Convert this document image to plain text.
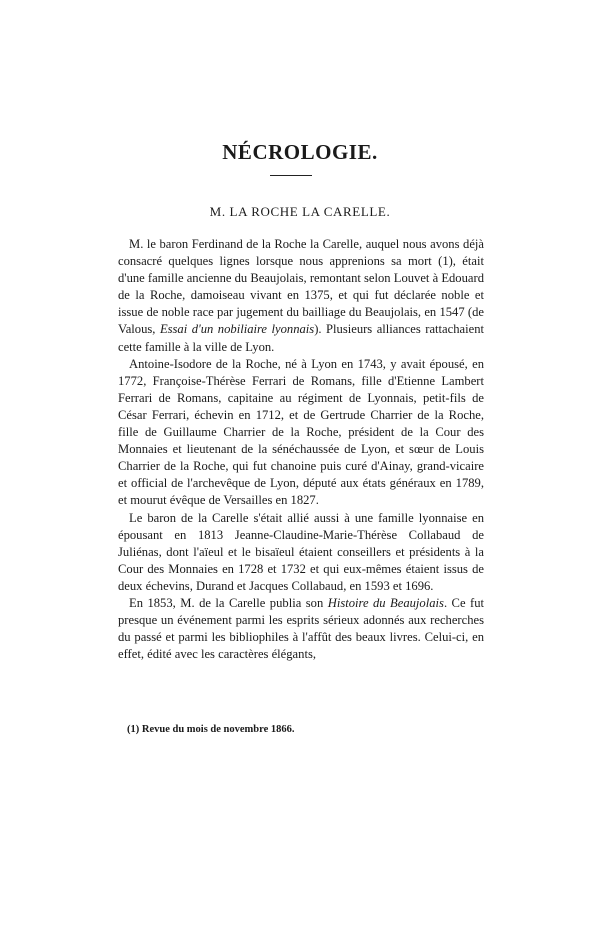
NÉCROLOGIE.
M. LA ROCHE LA CARELLE.

M. le baron Ferdinand de la Roche la Carelle, auquel nous avons déjà consacré quelques lignes lorsque nous apprenions sa mort (1), était d'une famille ancienne du Beaujolais, remontant selon Louvet à Edouard de la Roche, damoiseau vivant en 1375, et qui fut déclarée noble et issue de noble race par jugement du bailliage du Beaujolais, en 1547 (de Valous, Essai d'un nobiliaire lyonnais). Plusieurs alliances rattachaient cette famille à la ville de Lyon.

Antoine-Isodore de la Roche, né à Lyon en 1743, y avait épousé, en 1772, Françoise-Thérèse Ferrari de Romans, fille d'Etienne Lambert Ferrari de Romans, capitaine au régiment de Lyonnais, petit-fils de César Ferrari, échevin en 1712, et de Gertrude Charrier de la Roche, fille de Guillaume Charrier de la Roche, président de la Cour des Monnaies et lieutenant de la sénéchaussée de Lyon, et sœur de Louis Charrier de la Roche, qui fut chanoine puis curé d'Ainay, grand-vicaire et official de l'archevêque de Lyon, député aux états généraux en 1789, et mourut évêque de Versailles en 1827.

Le baron de la Carelle s'était allié aussi à une famille lyonnaise en épousant en 1813 Jeanne-Claudine-Marie-Thérèse Collabaud de Juliénas, dont l'aïeul et le bisaïeul étaient conseillers et présidents à la Cour des Monnaies en 1728 et 1732 et qui eux-mêmes étaient issus de deux échevins, Durand et Jacques Collabaud, en 1593 et 1696.

En 1853, M. de la Carelle publia son Histoire du Beaujolais. Ce fut presque un événement parmi les esprits sérieux adonnés aux recherches du passé et parmi les bibliophiles à l'affût des beaux livres. Celui-ci, en effet, édité avec les caractères élégants,

(1) Revue du mois de novembre 1866.
